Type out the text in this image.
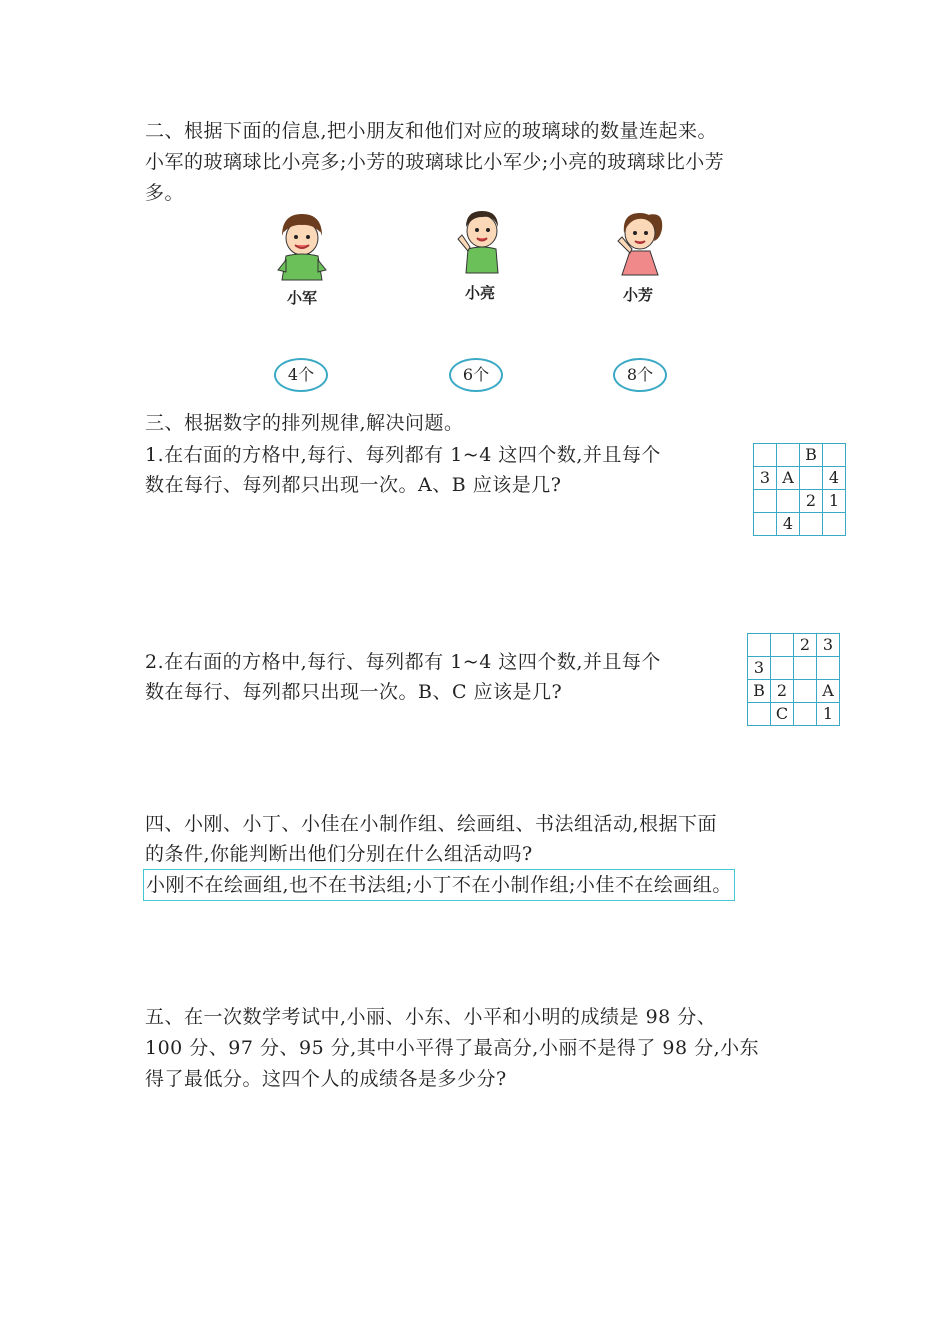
二、根据下面的信息,把小朋友和他们对应的玻璃球的数量连起来。
小军的玻璃球比小亮多;小芳的玻璃球比小军少;小亮的玻璃球比小芳
多。
小军	小亮	小芳
4个	6个	8个
三、根据数字的排列规律,解决问题。
1.在右面的方格中,每行、每列都有 1~4 这四个数,并且每个
数在每行、每列都只出现一次。A、B 应该是几?
		B	
3	A		4
		2	1
	4		
2.在右面的方格中,每行、每列都有 1~4 这四个数,并且每个
数在每行、每列都只出现一次。B、C 应该是几?
		2	3
3			
B	2		A
	C		1
四、小刚、小丁、小佳在小制作组、绘画组、书法组活动,根据下面
的条件,你能判断出他们分别在什么组活动吗?
小刚不在绘画组,也不在书法组;小丁不在小制作组;小佳不在绘画组。
五、在一次数学考试中,小丽、小东、小平和小明的成绩是 98 分、
100 分、97 分、95 分,其中小平得了最高分,小丽不是得了 98 分,小东
得了最低分。这四个人的成绩各是多少分?
